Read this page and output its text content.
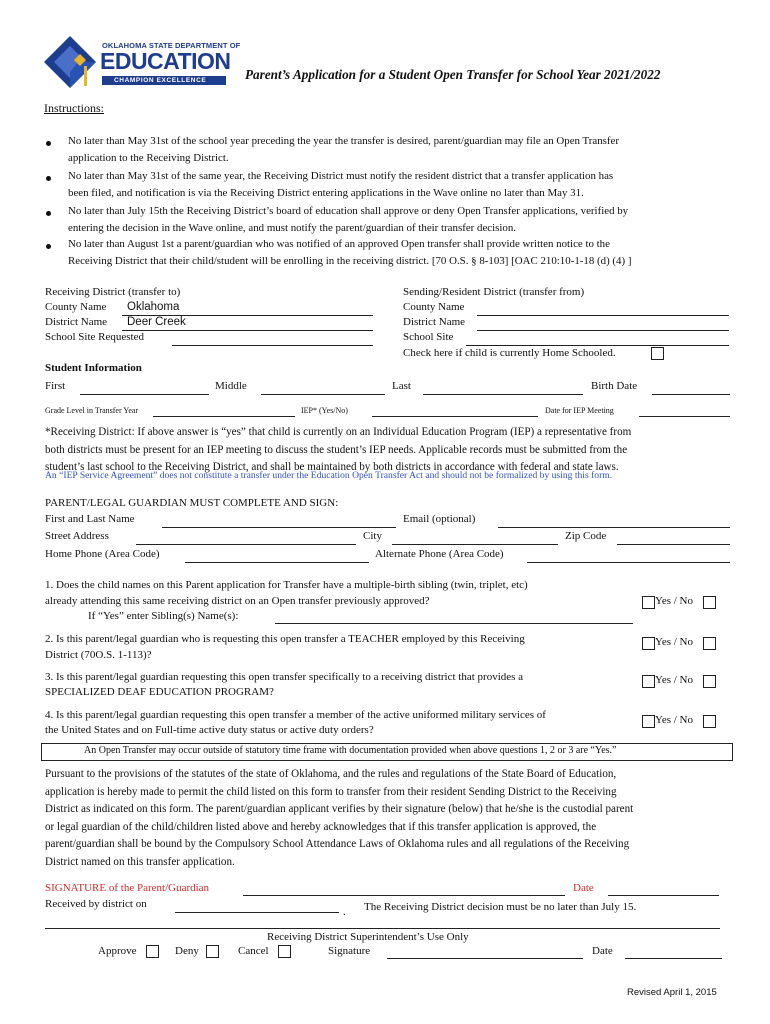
OKLAHOMA STATE DEPARTMENT OF
EDUCATION
CHAMPION EXCELLENCE	Parent’s Application for a Student Open Transfer for School Year 2021/2022
Instructions:
No later than May 31st of the school year preceding the year the transfer is desired, parent/guardian may file an Open Transfer
application to the Receiving District.
No later than May 31st of the same year, the Receiving District must notify the resident district that a transfer application has
been filed, and notification is via the Receiving District entering applications in the Wave online no later than May 31.
No later than July 15th the Receiving District’s board of education shall approve or deny Open Transfer applications, verified by
entering the decision in the Wave online, and must notify the parent/guardian of their transfer decision.
No later than August 1st a parent/guardian who was notified of an approved Open transfer shall provide written notice to the
Receiving District that their child/student will be enrolling in the receiving district. [70 O.S. § 8-103] [OAC 210:10-1-18 (d) (4) ]
Receiving District (transfer to)
County Name Oklahoma
District Name Deer Creek
School Site Requested
Sending/Resident District (transfer from)
County Name
District Name
School Site
Check here if child is currently Home Schooled.
Student Information
First	Middle	Last	Birth Date
Grade Level in Transfer Year	IEP* (Yes/No)	Date for IEP Meeting
*Receiving District: If above answer is “yes” that child is currently on an Individual Education Program (IEP) a representative from
both districts must be present for an IEP meeting to discuss the student’s IEP needs. Applicable records must be submitted from the
student’s last school to the Receiving District, and shall be maintained by both districts in accordance with federal and state laws.
An “IEP Service Agreement” does not constitute a transfer under the Education Open Transfer Act and should not be formalized by using this form.
PARENT/LEGAL GUARDIAN MUST COMPLETE AND SIGN:
First and Last Name	Email (optional)
Street Address	City	Zip Code
Home Phone (Area Code)	Alternate Phone (Area Code)
1. Does the child names on this Parent application for Transfer have a multiple-birth sibling (twin, triplet, etc)
already attending this same receiving district on an Open transfer previously approved?
If “Yes” enter Sibling(s) Name(s):
Yes / No
2. Is this parent/legal guardian who is requesting this open transfer a TEACHER employed by this Receiving
District (70O.S. 1-113)?
Yes / No
3. Is this parent/legal guardian requesting this open transfer specifically to a receiving district that provides a
SPECIALIZED DEAF EDUCATION PROGRAM?
Yes / No
4. Is this parent/legal guardian requesting this open transfer a member of the active uniformed military services of
the United States and on Full-time active duty status or active duty orders?
Yes / No
An Open Transfer may occur outside of statutory time frame with documentation provided when above questions 1, 2 or 3 are “Yes.”
Pursuant to the provisions of the statutes of the state of Oklahoma, and the rules and regulations of the State Board of Education,
application is hereby made to permit the child listed on this form to transfer from their resident Sending District to the Receiving
District as indicated on this form. The parent/guardian applicant verifies by their signature (below) that he/she is the custodial parent
or legal guardian of the child/children listed above and hereby acknowledges that if this transfer application is approved, the
parent/guardian shall be bound by the Compulsory School Attendance Laws of Oklahoma rules and all regulations of the Receiving
District named on this transfer application.
SIGNATURE of the Parent/Guardian	Date
Received by district on
. The Receiving District decision must be no later than July 15.
Receiving District Superintendent’s Use Only
Approve	Deny	Cancel	Signature	Date
Revised April 1, 2015
